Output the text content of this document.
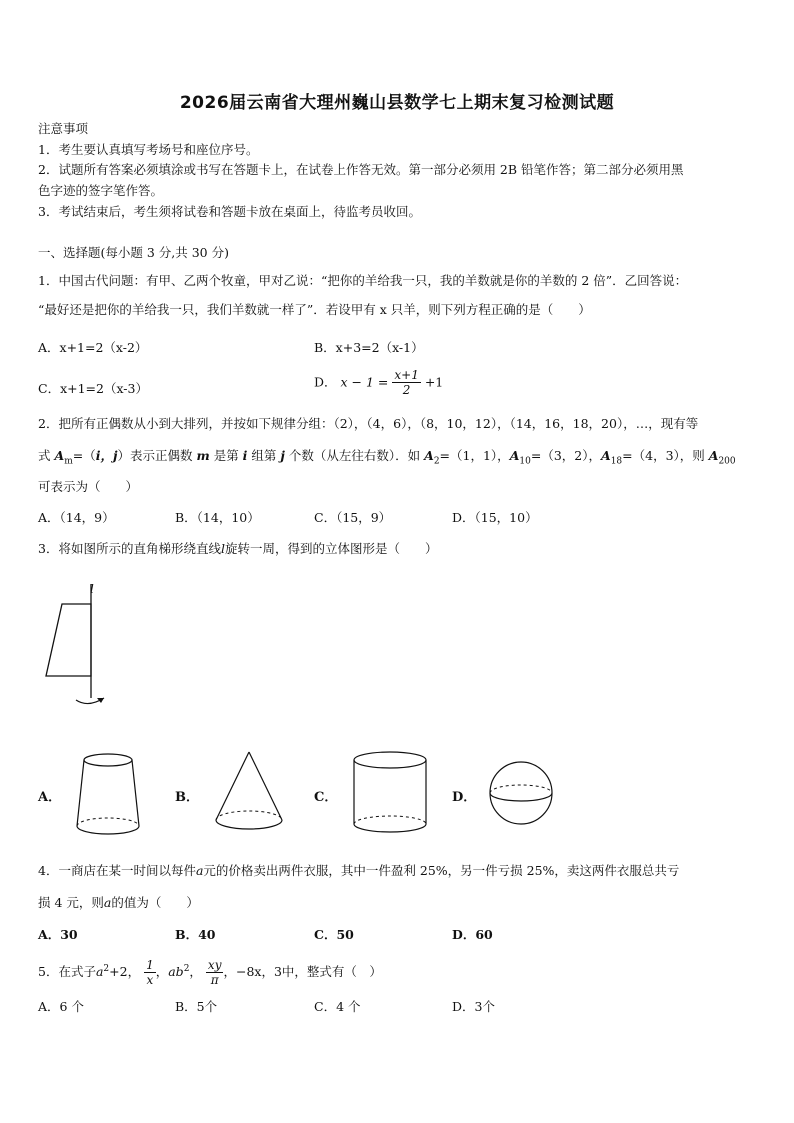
2026届云南省大理州巍山县数学七上期末复习检测试题
注意事项
1．考生要认真填写考场号和座位序号。
2．试题所有答案必须填涂或书写在答题卡上，在试卷上作答无效。第一部分必须用 2B 铅笔作答；第二部分必须用黑
色字迹的签字笔作答。
3．考试结束后，考生须将试卷和答题卡放在桌面上，待监考员收回。
一、选择题(每小题 3 分,共 30 分)
1．中国古代问题：有甲、乙两个牧童，甲对乙说：“把你的羊给我一只，我的羊数就是你的羊数的 2 倍”．乙回答说：
“最好还是把你的羊给我一只，我们羊数就一样了”．若设甲有 x 只羊，则下列方程正确的是（　　）
A．x+1=2（x-2）	B．x+3=2（x-1）
C．x+1=2（x-3）	D． $x - 1 = \frac{x+1}{2} +1$
2．把所有正偶数从小到大排列，并按如下规律分组：（2），（4，6），（8，10，12），（14，16，18，20），…，现有等
式 $A_m=(i$，j）表示正偶数 m 是第 i 组第 j 个数（从左往右数）．如 $A_2=(1$，1），$A_{10}=(3$，2），$A_{18}=(4$，3），则 $A_{200}$
可表示为（　　）
A．（14，9）	B．（14，10）	C．（15，9）	D．（15，10）
3．将如图所示的直角梯形绕直线l旋转一周，得到的立体图形是（　　）
l
A．	B．	C．	D．
4．一商店在某一时间以每件a元的价格卖出两件衣服，其中一件盈利 25%，另一件亏损 25%，卖这两件衣服总共亏
损 4 元，则a的值为（　　）
A．30	B．40	C．50	D．60
5．在式子$a^2+2$， $\frac{1}{x}$ ，$ab^2$， $\frac{xy}{\pi}$ ，−8x，3中，整式有（　）
A．6 个	B．5个	C．4 个	D．3个
